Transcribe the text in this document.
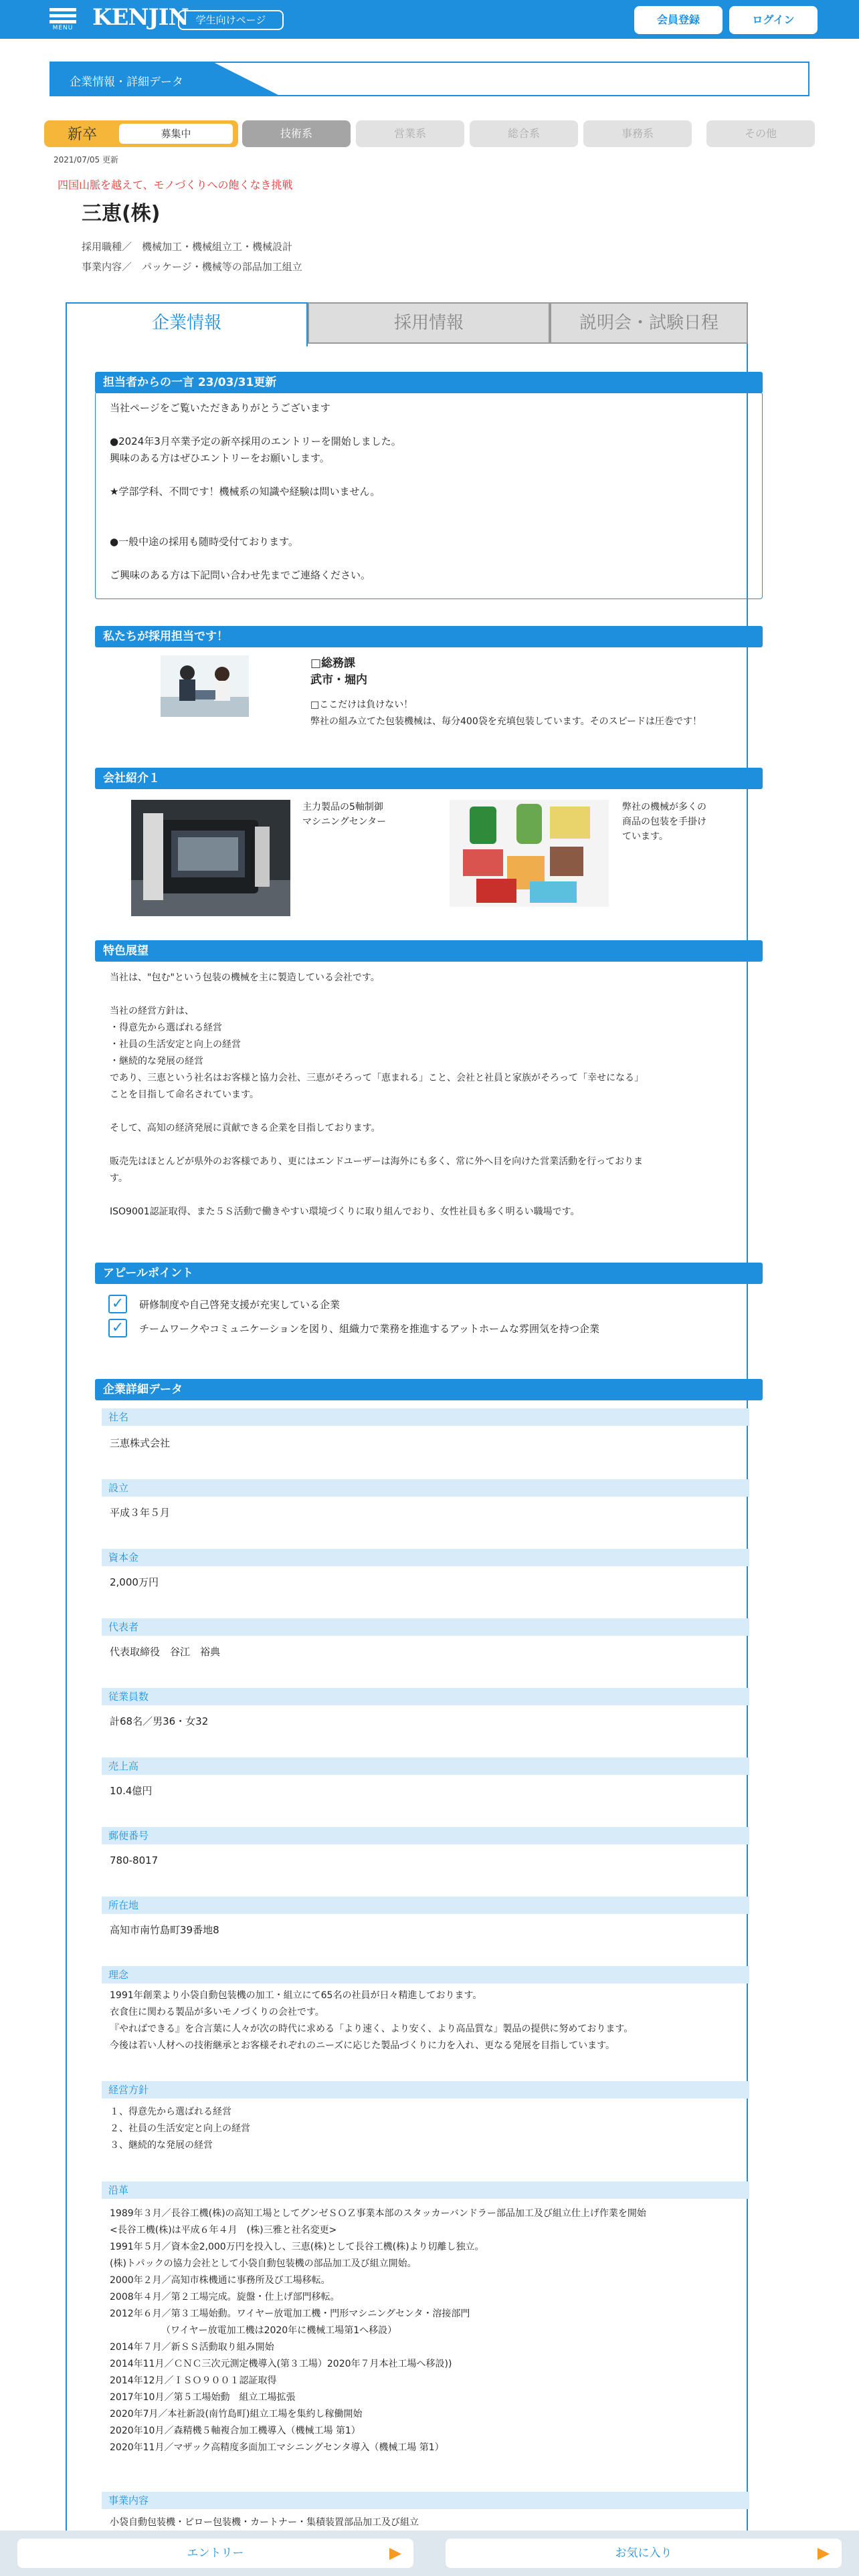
MENU KENJIN 学生向けページ	会員登録	ログイン
企業情報・詳細データ
新卒	募集中	技術系	営業系	総合系	事務系	その他
2021/07/05 更新
四国山脈を越えて、モノづくりへの飽くなき挑戦
三恵(株)
採用職種／　機械加工・機械組立工・機械設計
事業内容／　パッケージ・機械等の部品加工組立
企業情報	採用情報	説明会・試験日程
担当者からの一言 23/03/31更新
当社ページをご覧いただきありがとうございます

●2024年3月卒業予定の新卒採用のエントリーを開始しました。
興味のある方はぜひエントリーをお願いします。

★学部学科、不問です！機械系の知識や経験は問いません。

●一般中途の採用も随時受付ております。

ご興味のある方は下記問い合わせ先までご連絡ください。
私たちが採用担当です！
□総務課
武市・堀内
□ここだけは負けない！
弊社の組み立てた包装機械は、毎分400袋を充填包装しています。そのスピードは圧巻です！
会社紹介１
主力製品の5軸制御
マシニングセンター
弊社の機械が多くの
商品の包装を手掛け
ています。
特色展望
当社は、"包む"という包装の機械を主に製造している会社です。

当社の経営方針は、
・得意先から選ばれる経営
・社員の生活安定と向上の経営
・継続的な発展の経営
であり、三恵という社名はお客様と協力会社、三恵がそろって「恵まれる」こと、会社と社員と家族がそろって「幸せになる」
ことを目指して命名されています。

そして、高知の経済発展に貢献できる企業を目指しております。

販売先はほとんどが県外のお客様であり、更にはエンドユーザーは海外にも多く、常に外へ目を向けた営業活動を行っておりま
す。

ISO9001認証取得、また５Ｓ活動で働きやすい環境づくりに取り組んでおり、女性社員も多く明るい職場です。
アピールポイント
✓	研修制度や自己啓発支援が充実している企業
✓	チームワークやコミュニケーションを図り、組織力で業務を推進するアットホームな雰囲気を持つ企業
企業詳細データ
社名
三恵株式会社
設立
平成３年５月
資本金
2,000万円
代表者
代表取締役　谷江　裕典
従業員数
計68名／男36・女32
売上高
10.4億円
郵便番号
780-8017
所在地
高知市南竹島町39番地8
理念
1991年創業より小袋自動包装機の加工・組立にて65名の社員が日々精進しております。
衣食住に関わる製品が多いモノづくりの会社です。
『やればできる』を合言葉に人々が次の時代に求める「より速く、より安く、より高品質な」製品の提供に努めております。
今後は若い人材への技術継承とお客様それぞれのニーズに応じた製品づくりに力を入れ、更なる発展を目指しています。
経営方針
１、得意先から選ばれる経営
２、社員の生活安定と向上の経営
３、継続的な発展の経営
沿革
1989年３月／長谷工機(株)の高知工場としてグンゼＳＯＺ事業本部のスタッカーバンドラー部品加工及び組立仕上げ作業を開始
<長谷工機(株)は平成６年４月　(株)三雅と社名変更>
1991年５月／資本金2,000万円を投入し、三恵(株)として長谷工機(株)より切離し独立。
(株)トパックの協力会社として小袋自動包装機の部品加工及び組立開始。
2000年２月／高知市株機通に事務所及び工場移転。
2008年４月／第２工場完成。旋盤・仕上げ部門移転。
2012年６月／第３工場始動。ワイヤー放電加工機・門形マシニングセンタ・溶接部門
　　　　　　（ワイヤー放電加工機は2020年に機械工場第1へ移設）
2014年７月／新ＳＳ活動取り組み開始
2014年11月／ＣＮＣ三次元測定機導入(第３工場）2020年７月本社工場へ移設))
2014年12月／ＩＳＯ９００１認証取得
2017年10月／第５工場始動　組立工場拡張
2020年7月／本社新設(南竹島町)組立工場を集約し稼働開始
2020年10月／森精機５軸複合加工機導入（機械工場 第1）
2020年11月／マザック高精度多面加工マシニングセンタ導入（機械工場 第1）
事業内容
小袋自動包装機・ピロー包装機・カートナー・集積装置部品加工及び組立
エントリー	お気に入り
